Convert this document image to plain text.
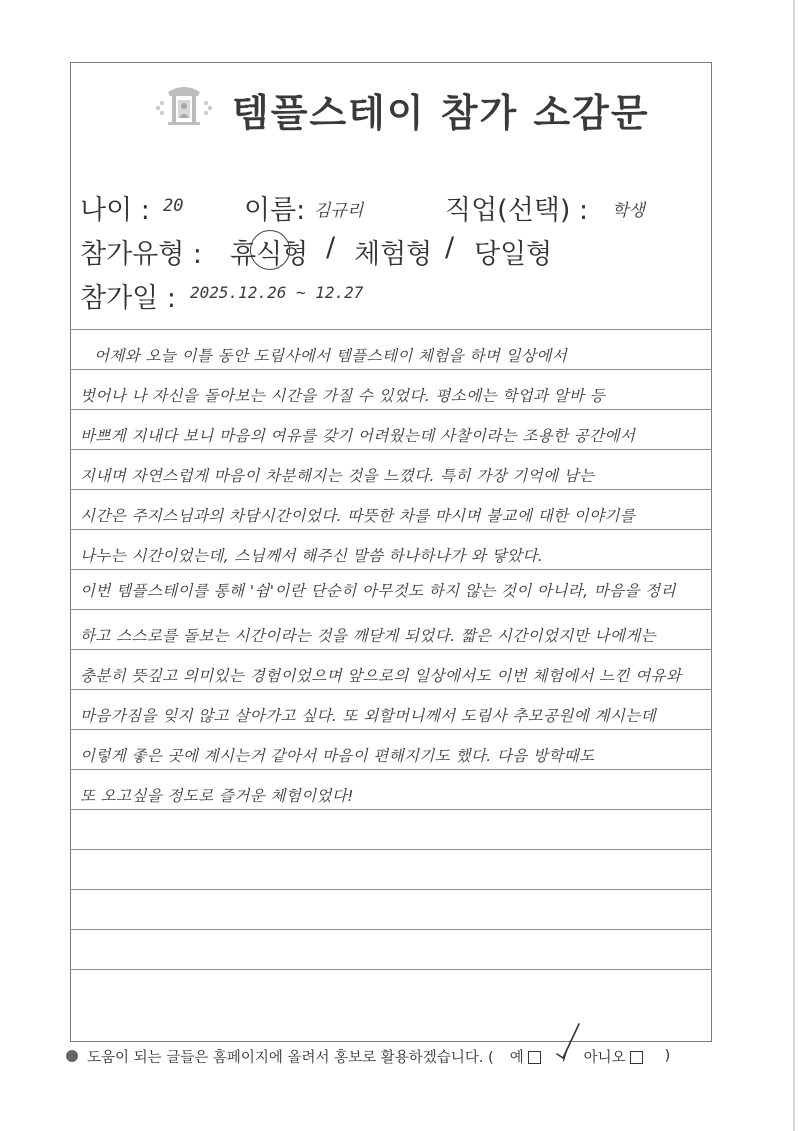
템플스테이 참가 소감문
나이 : 20 이름: 김규리	직업(선택) : 학생
참가유형 : 휴식형 / 체험형 / 당일형
참가일 : 2025.12.26 ~ 12.27
어제와 오늘 이틀 동안 도림사에서 템플스테이 체험을 하며 일상에서
벗어나 나 자신을 돌아보는 시간을 가질 수 있었다. 평소에는 학업과 알바 등
바쁘게 지내다 보니 마음의 여유를 갖기 어려웠는데 사찰이라는 조용한 공간에서
지내며 자연스럽게 마음이 차분해지는 것을 느꼈다. 특히 가장 기억에 남는
시간은 주지스님과의 차담시간이었다. 따뜻한 차를 마시며 불교에 대한 이야기를
나누는 시간이었는데, 스님께서 해주신 말씀 하나하나가 와 닿았다.
이번 템플스테이를 통해 '쉼'이란 단순히 아무것도 하지 않는 것이 아니라, 마음을 정리
하고 스스로를 돌보는 시간이라는 것을 깨닫게 되었다. 짧은 시간이었지만 나에게는
충분히 뜻깊고 의미있는 경험이었으며 앞으로의 일상에서도 이번 체험에서 느낀 여유와
마음가짐을 잊지 않고 살아가고 싶다. 또 외할머니께서 도림사 추모공원에 계시는데
이렇게 좋은 곳에 계시는거 같아서 마음이 편해지기도 했다. 다음 방학때도
또 오고싶을 정도로 즐거운 체험이었다!
도움이 되는 글들은 홈페이지에 올려서 홍보로 활용하겠습니다. ( 예	/ 아니오	)
